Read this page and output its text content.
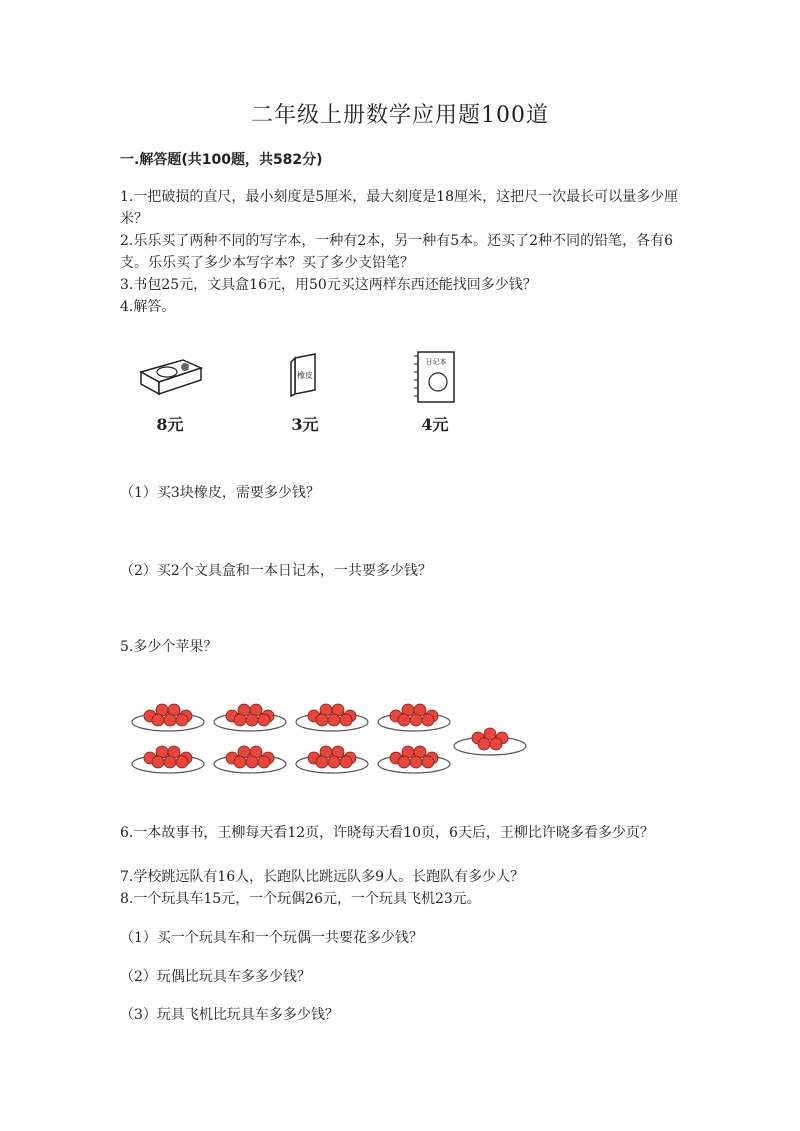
二年级上册数学应用题100道
一.解答题(共100题，共582分)
1.一把破损的直尺，最小刻度是5厘米，最大刻度是18厘米，这把尺一次最长可以量多少厘米？
2.乐乐买了两种不同的写字本，一种有2本，另一种有5本。还买了2种不同的铅笔，各有6支。乐乐买了多少本写字本？买了多少支铅笔？
3.书包25元，文具盒16元，用50元买这两样东西还能找回多少钱？
4.解答。
8元
橡皮
3元
日记本
4元
（1）买3块橡皮，需要多少钱？
（2）买2个文具盒和一本日记本，一共要多少钱？
5.多少个苹果？
6.一本故事书，王柳每天看12页，许晓每天看10页，6天后，王柳比许晓多看多少页？
7.学校跳远队有16人，长跑队比跳远队多9人。长跑队有多少人？
8.一个玩具车15元，一个玩偶26元，一个玩具飞机23元。
（1）买一个玩具车和一个玩偶一共要花多少钱？
（2）玩偶比玩具车多多少钱？
（3）玩具飞机比玩具车多多少钱？
